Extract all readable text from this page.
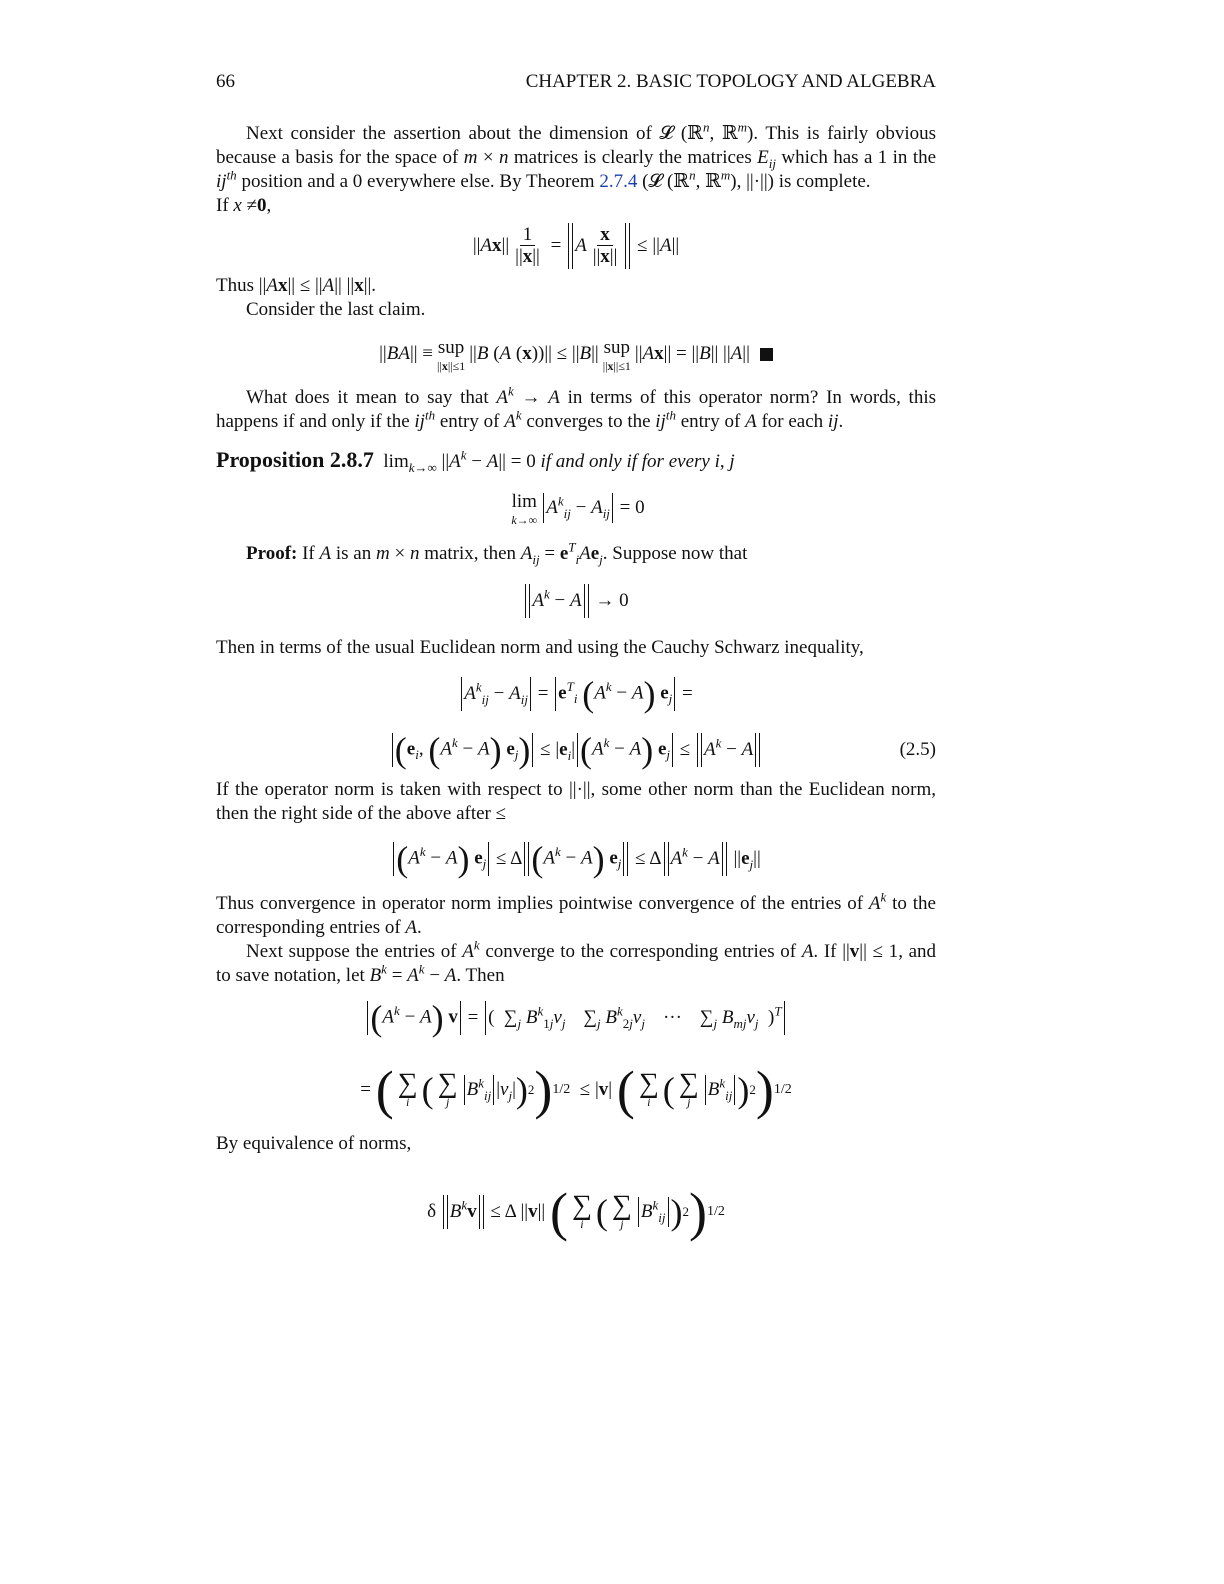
66	CHAPTER 2. BASIC TOPOLOGY AND ALGEBRA

Next consider the assertion about the dimension of 𝓛 (ℝ$^n$, ℝ$^m$). This is fairly obvious because a basis for the space of m × n matrices is clearly the matrices $E_{ij}$ which has a 1 in the $ij^{th}$ position and a 0 everywhere else. By Theorem 2.7.4 (𝓛 (ℝ$^n$, ℝ$^m$), ||·||) is complete.

If x ≠0,

$||Ax|| \frac{1}{||x||} = A \frac{x}{||x||} \le ||A||$

Thus ||Ax|| ≤ ||A|| ||x||.

Consider the last claim.

||BA|| ≡ sup
||x||≤1
||B (A (x))|| ≤ ||B|| sup
||x||≤1
||Ax|| = ||B|| ||A||

What does it mean to say that $A^k \to A$ in terms of this operator norm? In words, this happens if and only if the $ij^{th}$ entry of $A^k$ converges to the $ij^{th}$ entry of A for each ij.

Proposition 2.8.7  $\lim_{k\to\infty} ||A^k - A|| = 0$ if and only if for every i, j

lim
k→∞
$A^k_{ij} - A_{ij} = 0$

Proof: If A is an m × n matrix, then $A_{ij} = e^T_iAe_j$. Suppose now that

$A^k - A \to 0$

Then in terms of the usual Euclidean norm and using the Cauchy Schwarz inequality,

$A^k_{ij} - A_{ij} = e^T_i$ $(A^k - A) e_j$ =
($e_i$, $(A^k - A) e_j) \le |e_i|$ $(A^k - A) e_j \le A^k - A$	(2.5)

If the operator norm is taken with respect to ||·||, some other norm than the Euclidean norm, then the right side of the above after ≤

$(A^k - A) e_j \le \Delta$ $(A^k - A) e_j \le \Delta$ $A^k - A$ $||e_j||$

Thus convergence in operator norm implies pointwise convergence of the entries of $A^k$ to the corresponding entries of A.

Next suppose the entries of $A^k$ converge to the corresponding entries of A. If ||v|| ≤ 1, and to save notation, let $B^k = A^k - A$. Then

$(A^k - A) v$ = (  $\sum_j$ $B^k_{1j}v_j$ $\sum_j$ $B^k_{2j}v_j$ ··· $\sum_j$ $B_{mj}v_j$  )$^T$
= ( ∑
i ( ∑
j
$B^k_{ij}$ $|v_j|$ ) 2 ) 1/2 ≤ |v| ( ∑
i ( ∑
j
$B^k_{ij}$ ) 2 ) 1/2

By equivalence of norms,

δ $B^kv \le \Delta$ ||v|| ( ∑
i ( ∑
j
$B^k_{ij}$ ) 2 ) 1/2
